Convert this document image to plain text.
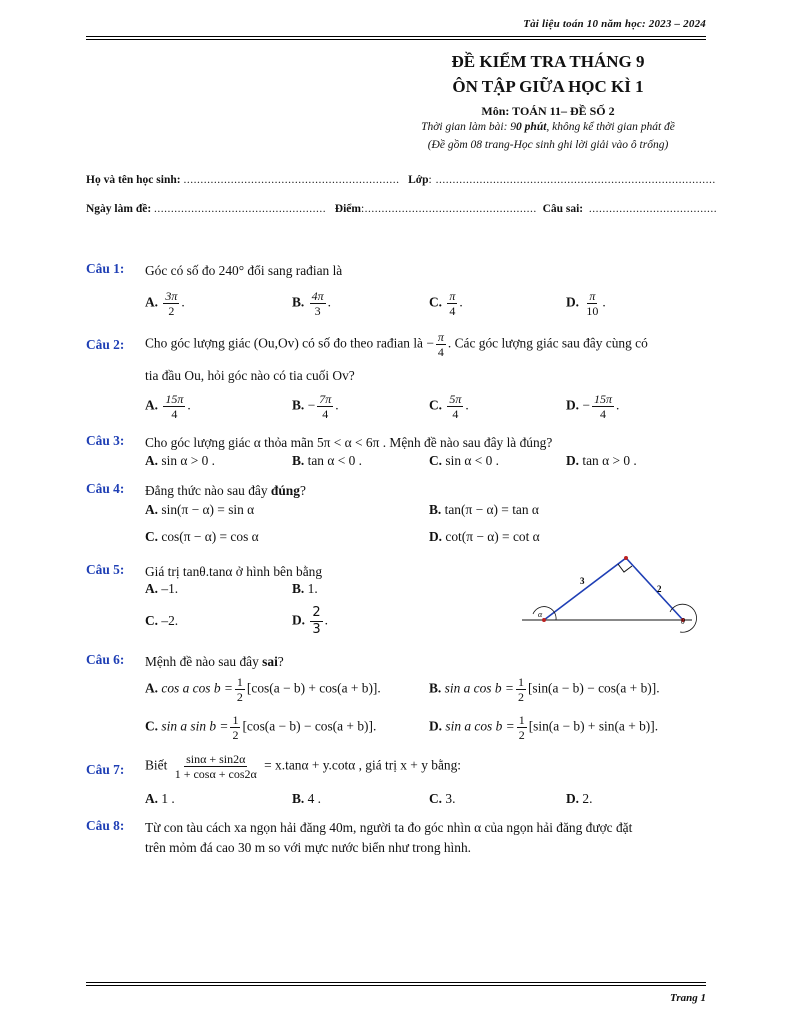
Tài liệu toán 10 năm học: 2023 – 2024
ĐỀ KIỂM TRA THÁNG 9
ÔN TẬP GIỮA HỌC KÌ 1
Môn: TOÁN 11– ĐỀ SỐ 2
Thời gian làm bài: 90 phút, không kể thời gian phát đề
(Đề gồm 08 trang-Học sinh ghi lời giải vào ô trống)
Họ và tên học sinh: ................................................................ Lớp: ...................................................................................
Ngày làm đề: ................................................... Điểm:................................................... Câu sai: ......................................
Câu 1: Góc có số đo 240° đổi sang rađian là
A. $\frac{3\pi}{2}$ .	B. $\frac{4\pi}{3}$ .	C. $\frac{\pi}{4}$ .	D. $\frac{\pi}{10}$ .
Câu 2: Cho góc lượng giác (Ou,Ov) có số đo theo rađian là − $\frac{\pi}{4}$ . Các góc lượng giác sau đây cùng có
tia đầu Ou, hỏi góc nào có tia cuối Ov?
A. $\frac{15\pi}{4}$ .	B. − $\frac{7\pi}{4}$ .	C. $\frac{5\pi}{4}$ .	D. − $\frac{15\pi}{4}$ .
Câu 3: Cho góc lượng giác α thỏa mãn 5π < α < 6π . Mệnh đề nào sau đây là đúng?
A. sin α > 0 .	B. tan α < 0 .	C. sin α < 0 .	D. tan α > 0 .
Câu 4: Đẳng thức nào sau đây đúng?
A. sin(π − α) = sin α	B. tan(π − α) = tan α
C. cos(π − α) = cos α	D. cot(π − α) = cot α
Câu 5: Giá trị tanθ.tanα ở hình bên bằng
A. –1.	B. 1.
C. –2.	D. $\frac{2}{3}$ .
3
2
α
θ
Câu 6: Mệnh đề nào sau đây sai?
A. cos a $\cos b = \frac{1}{2} [\cos(a - b) + \cos(a + b)]$.	B. sin a $\cos b = \frac{1}{2} [\sin(a - b) - \cos(a + b)]$.
C. sin a $\sin b = \frac{1}{2} [\cos(a - b) - \cos(a + b)]$.	D. sin a $\cos b = \frac{1}{2} [\sin(a - b) + \sin(a + b)]$.
Câu 7: Biết $\frac{\sin\alpha + \sin 2\alpha}{1 + \cos\alpha + \cos 2\alpha} = x.\tan\alpha + y.\cot\alpha$ , giá trị x + y bằng:
A. 1 .	B. 4 .	C. 3.	D. 2.
Câu 8: Từ con tàu cách xa ngọn hải đăng 40m, người ta đo góc nhìn α của ngọn hải đăng được đặt
trên mỏm đá cao 30 m so với mực nước biển như trong hình.
Trang 1
